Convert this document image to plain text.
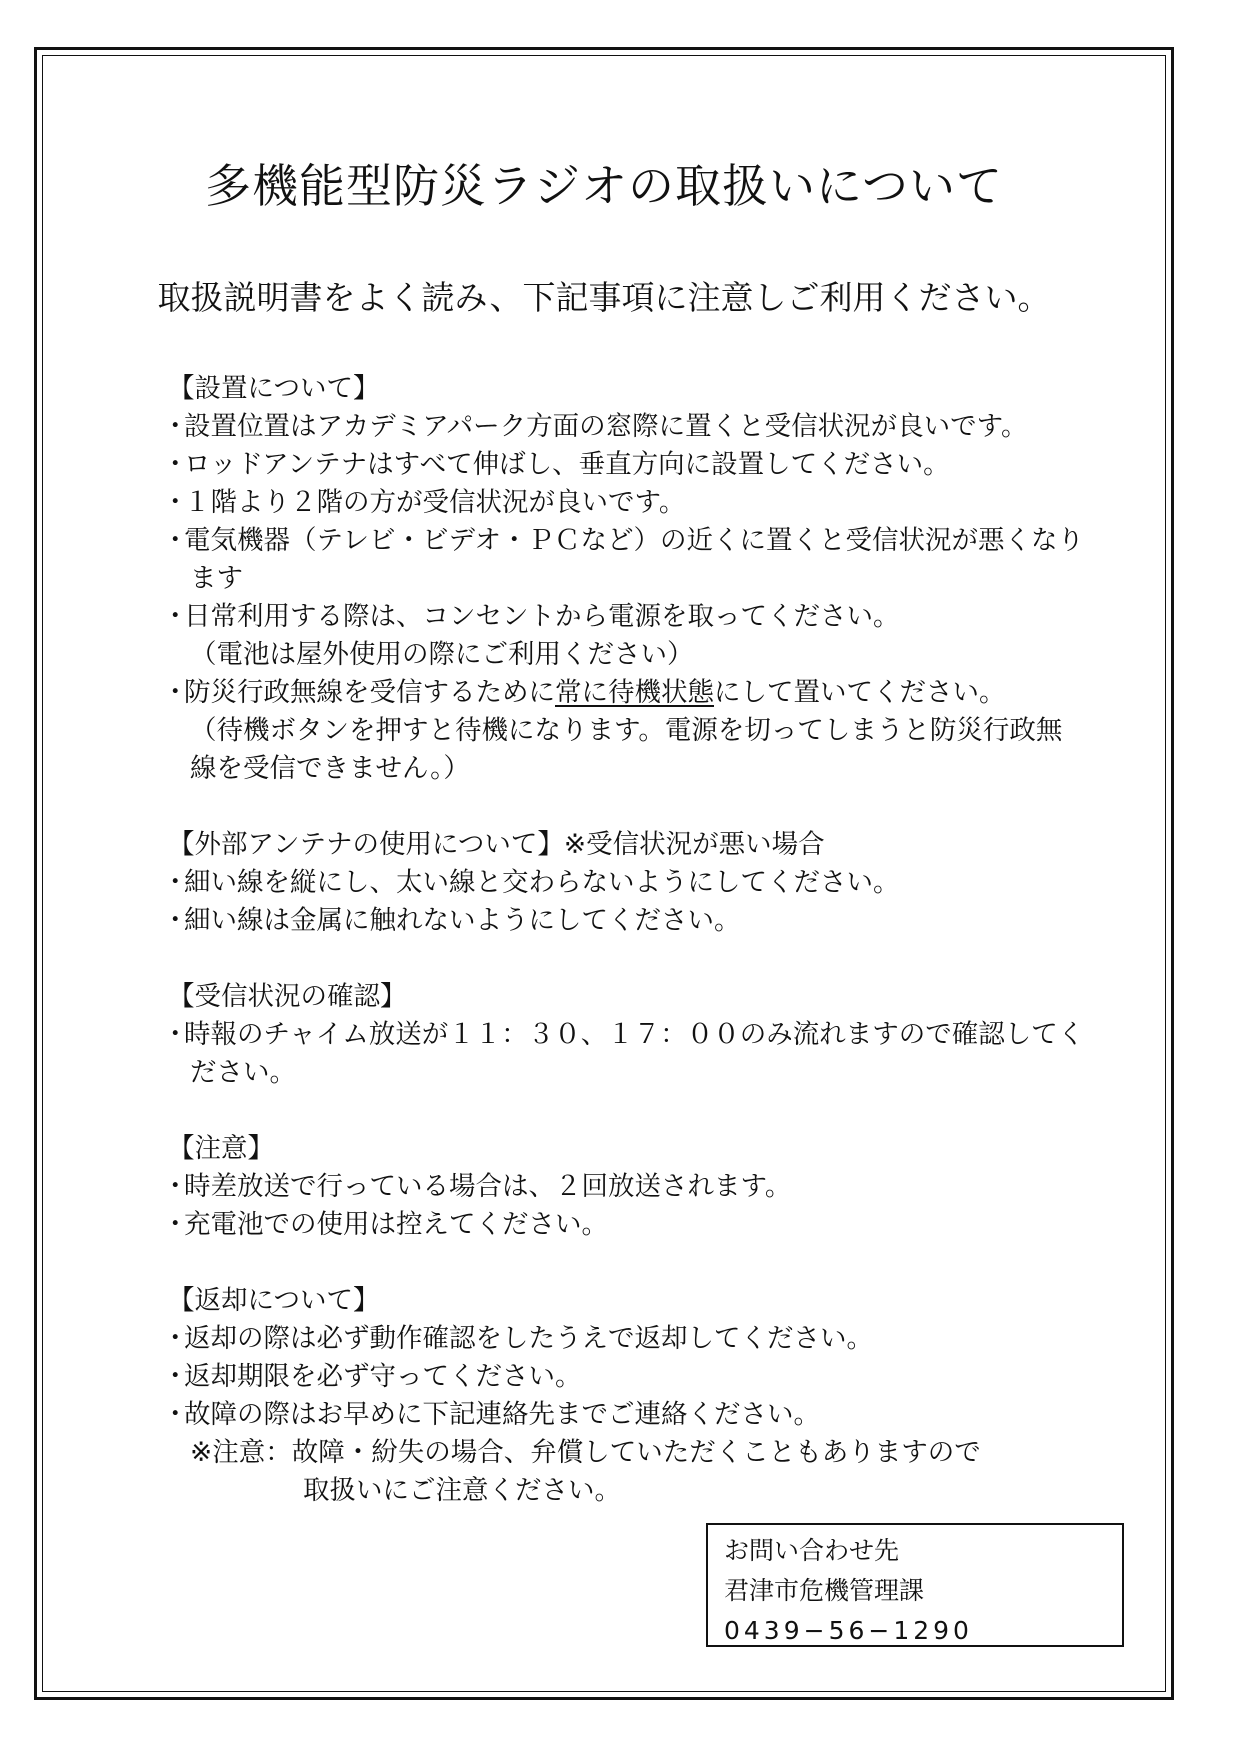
多機能型防災ラジオの取扱いについて

取扱説明書をよく読み、下記事項に注意しご利用ください。

【設置について】

・ 設置位置はアカデミアパーク方面の窓際に置くと受信状況が良いです。

・ ロッドアンテナはすべて伸ばし、垂直方向に設置してください。

・ １階より２階の方が受信状況が良いです。

・ 電気機器（テレビ・ビデオ・ＰＣなど）の近くに置くと受信状況が悪くなります

・ 日常利用する際は、コンセントから電源を取ってください。

（電池は屋外使用の際にご利用ください）

・ 防災行政無線を受信するために常に待機状態にして置いてください。

（待機ボタンを押すと待機になります。電源を切ってしまうと防災行政無線を受信できません。）

【外部アンテナの使用について】※受信状況が悪い場合

・ 細い線を縦にし、太い線と交わらないようにしてください。

・ 細い線は金属に触れないようにしてください。

【受信状況の確認】

・ 時報のチャイム放送が１１：３０、１７：００のみ流れますので確認してください。

【注意】

・ 時差放送で行っている場合は、２回放送されます。

・ 充電池での使用は控えてください。

【返却について】

・ 返却の際は必ず動作確認をしたうえで返却してください。

・ 返却期限を必ず守ってください。

・ 故障の際はお早めに下記連絡先までご連絡ください。

※注意：故障・紛失の場合、弁償していただくこともありますので

取扱いにご注意ください。

お問い合わせ先

君津市危機管理課

0439−56−1290
